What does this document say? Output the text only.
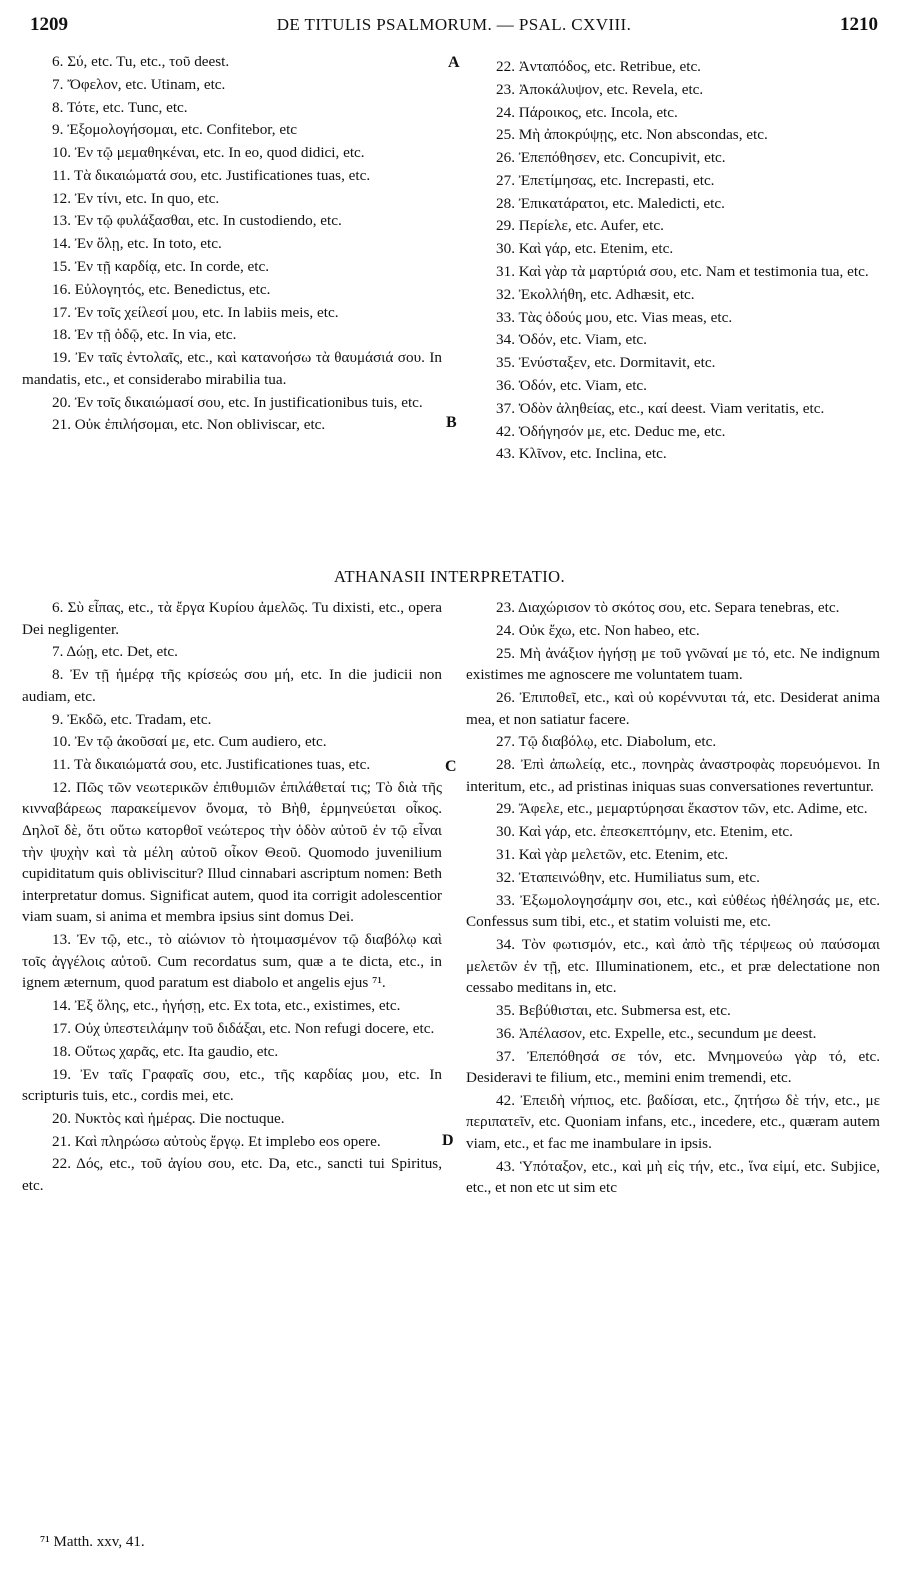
1209	DE TITULIS PSALMORUM. — PSAL. CXVIII.	1210
A
B
C
D

6. Σύ, etc. Tu, etc., τοῦ deest.

7. Ὄφελον, etc. Utinam, etc.

8. Τότε, etc. Tunc, etc.

9. Ἐξομολογήσομαι, etc. Confitebor, etc

10. Ἐν τῷ μεμαθηκέναι, etc. In eo, quod didici, etc.

11. Τὰ δικαιώματά σου, etc. Justificationes tuas, etc.

12. Ἐν τίνι, etc. In quo, etc.

13. Ἐν τῷ φυλάξασθαι, etc. In custodiendo, etc.

14. Ἐν ὅλῃ, etc. In toto, etc.

15. Ἐν τῇ καρδίᾳ, etc. In corde, etc.

16. Εὐλογητός, etc. Benedictus, etc.

17. Ἐν τοῖς χείλεσί μου, etc. In labiis meis, etc.

18. Ἐν τῇ ὁδῷ, etc. In via, etc.

19. Ἐν ταῖς ἐντολαῖς, etc., καὶ κατανοήσω τὰ θαυμάσιά σου. In mandatis, etc., et considerabo mirabilia tua.

20. Ἐν τοῖς δικαιώμασί σου, etc. In justificationibus tuis, etc.

21. Οὐκ ἐπιλήσομαι, etc. Non obliviscar, etc.

22. Ἀνταπόδος, etc. Retribue, etc.

23. Ἀποκάλυψον, etc. Revela, etc.

24. Πάροικος, etc. Incola, etc.

25. Μὴ ἀποκρύψῃς, etc. Non abscondas, etc.

26. Ἐπεπόθησεν, etc. Concupivit, etc.

27. Ἐπετίμησας, etc. Increpasti, etc.

28. Ἐπικατάρατοι, etc. Maledicti, etc.

29. Περίελε, etc. Aufer, etc.

30. Καὶ γάρ, etc. Etenim, etc.

31. Καὶ γὰρ τὰ μαρτύριά σου, etc. Nam et testimonia tua, etc.

32. Ἐκολλήθη, etc. Adhæsit, etc.

33. Τὰς ὁδούς μου, etc. Vias meas, etc.

34. Ὁδόν, etc. Viam, etc.

35. Ἐνύσταξεν, etc. Dormitavit, etc.

36. Ὁδόν, etc. Viam, etc.

37. Ὁδὸν ἀληθείας, etc., καί deest. Viam veritatis, etc.

42. Ὁδήγησόν με, etc. Deduc me, etc.

43. Κλῖνον, etc. Inclina, etc.

ATHANASII INTERPRETATIO.

6. Σὺ εἶπας, etc., τὰ ἔργα Κυρίου ἀμελῶς. Tu dixisti, etc., opera Dei negligenter.

7. Δώῃ, etc. Det, etc.

8. Ἐν τῇ ἡμέρᾳ τῆς κρίσεώς σου μή, etc. In die judicii non audiam, etc.

9. Ἐκδῶ, etc. Tradam, etc.

10. Ἐν τῷ ἀκοῦσαί με, etc. Cum audiero, etc.

11. Τὰ δικαιώματά σου, etc. Justificationes tuas, etc.

12. Πῶς τῶν νεωτερικῶν ἐπιθυμιῶν ἐπιλάθεταί τις; Τὸ διὰ τῆς κινναβάρεως παρακείμενον ὄνομα, τὸ Βὴθ, ἑρμηνεύεται οἶκος. Δηλοῖ δὲ, ὅτι οὕτω κατορθοῖ νεώτερος τὴν ὁδὸν αὐτοῦ ἐν τῷ εἶναι τὴν ψυχὴν καὶ τὰ μέλη αὐτοῦ οἶκον Θεοῦ. Quomodo juvenilium cupiditatum quis obliviscitur? Illud cinnabari ascriptum nomen: Beth interpretatur domus. Significat autem, quod ita corrigit adolescentior viam suam, si anima et membra ipsius sint domus Dei.

13. Ἐν τῷ, etc., τὸ αἰώνιον τὸ ἡτοιμασμένον τῷ διαβόλῳ καὶ τοῖς ἀγγέλοις αὐτοῦ. Cum recordatus sum, quæ a te dicta, etc., in ignem æternum, quod paratum est diabolo et angelis ejus ⁷¹.

14. Ἐξ ὅλης, etc., ἡγήσῃ, etc. Ex tota, etc., existimes, etc.

17. Οὐχ ὑπεστειλάμην τοῦ διδάξαι, etc. Non refugi docere, etc.

18. Οὕτως χαρᾶς, etc. Ita gaudio, etc.

19. Ἐν ταῖς Γραφαῖς σου, etc., τῆς καρδίας μου, etc. In scripturis tuis, etc., cordis mei, etc.

20. Νυκτὸς καὶ ἡμέρας. Die noctuque.

21. Καὶ πληρώσω αὐτοὺς ἔργῳ. Et implebo eos opere.

22. Δός, etc., τοῦ ἁγίου σου, etc. Da, etc., sancti tui Spiritus, etc.

23. Διαχώρισον τὸ σκότος σου, etc. Separa tenebras, etc.

24. Οὐκ ἔχω, etc. Non habeo, etc.

25. Μὴ ἀνάξιον ἡγήσῃ με τοῦ γνῶναί με τό, etc. Ne indignum existimes me agnoscere me voluntatem tuam.

26. Ἐπιποθεῖ, etc., καὶ οὐ κορέννυται τά, etc. Desiderat anima mea, et non satiatur facere.

27. Τῷ διαβόλῳ, etc. Diabolum, etc.

28. Ἐπὶ ἀπωλείᾳ, etc., πονηρὰς ἀναστροφὰς πορευόμενοι. In interitum, etc., ad pristinas iniquas suas conversationes revertuntur.

29. Ἄφελε, etc., μεμαρτύρησαι ἕκαστον τῶν, etc. Adime, etc.

30. Καὶ γάρ, etc. ἐπεσκεπτόμην, etc. Etenim, etc.

31. Καὶ γὰρ μελετῶν, etc. Etenim, etc.

32. Ἐταπεινώθην, etc. Humiliatus sum, etc.

33. Ἐξωμολογησάμην σοι, etc., καὶ εὐθέως ἠθέλησάς με, etc. Confessus sum tibi, etc., et statim voluisti me, etc.

34. Τὸν φωτισμόν, etc., καὶ ἀπὸ τῆς τέρψεως οὐ παύσομαι μελετῶν ἐν τῇ, etc. Illuminationem, etc., et præ delectatione non cessabo meditans in, etc.

35. Βεβύθισται, etc. Submersa est, etc.

36. Ἀπέλασον, etc. Expelle, etc., secundum με deest.

37. Ἐπεπόθησά σε τόν, etc. Μνημονεύω γὰρ τό, etc. Desideravi te filium, etc., memini enim tremendi, etc.

42. Ἐπειδὴ νήπιος, etc. βαδίσαι, etc., ζητήσω δὲ τήν, etc., με περιπατεῖν, etc. Quoniam infans, etc., incedere, etc., quæram autem viam, etc., et fac me inambulare in ipsis.

43. Ὑπόταξον, etc., καὶ μὴ εἰς τήν, etc., ἵνα εἰμί, etc. Subjice, etc., et non etc ut sim etc

⁷¹ Matth. xxv, 41.
